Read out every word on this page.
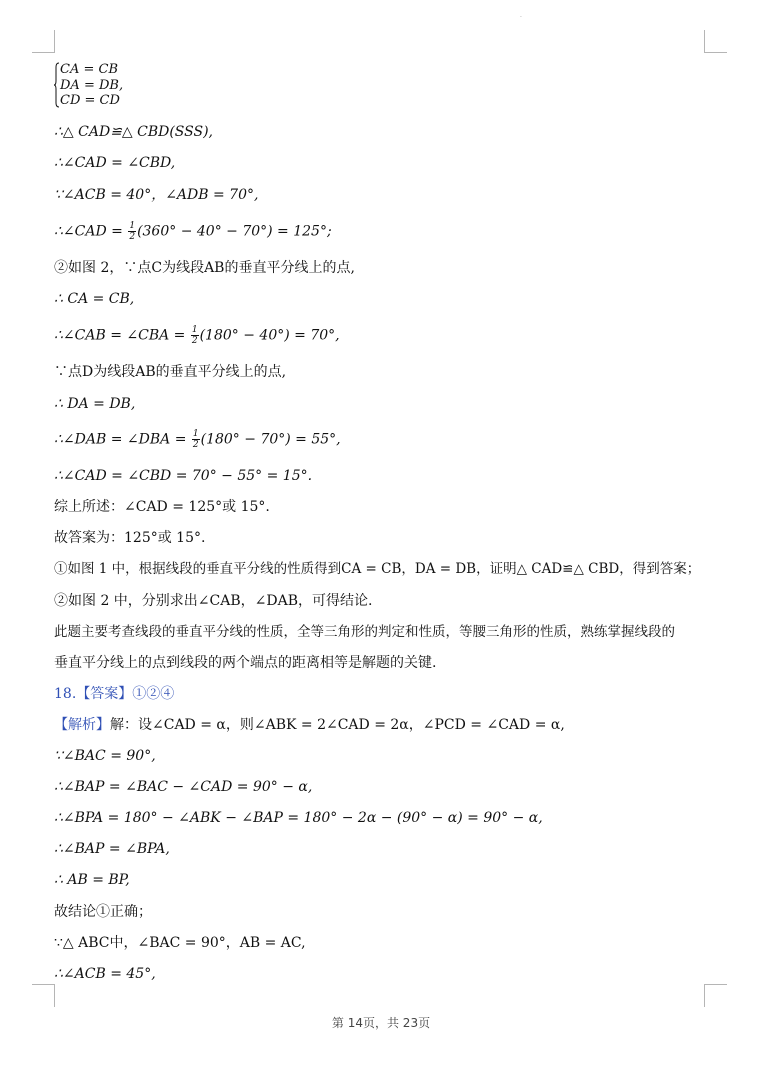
·
CA = CB
DA = DB,
CD = CD
∴△ CAD≌△ CBD(SSS),
∴∠CAD = ∠CBD,
∵∠ACB = 40°，∠ADB = 70°,
∴∠CAD = $\frac{1}{2} (360^\circ - 40^\circ - 70^\circ) = 125^\circ$;
②如图 2，∵点C为线段AB的垂直平分线上的点,
∴ CA = CB,
∴∠CAB = ∠CBA = $\frac{1}{2} (180^\circ - 40^\circ) = 70^\circ$,
∵点D为线段AB的垂直平分线上的点,
∴ DA = DB,
∴∠DAB = ∠DBA = $\frac{1}{2} (180^\circ - 70^\circ) = 55^\circ$,
∴∠CAD = ∠CBD = 70° − 55° = 15°.
综上所述：∠CAD = 125°或 15°.
故答案为：125°或 15°.
①如图 1 中，根据线段的垂直平分线的性质得到CA = CB，DA = DB，证明△ CAD≌△ CBD，得到答案；
②如图 2 中，分别求出∠CAB，∠DAB，可得结论.
此题主要考查线段的垂直平分线的性质，全等三角形的判定和性质，等腰三角形的性质，熟练掌握线段的
垂直平分线上的点到线段的两个端点的距离相等是解题的关键.
18.【答案】①②④
【解析】解：设∠CAD = α，则∠ABK = 2∠CAD = 2α，∠PCD = ∠CAD = α,
∵∠BAC = 90°,
∴∠BAP = ∠BAC − ∠CAD = 90° − α,
∴∠BPA = 180° − ∠ABK − ∠BAP = 180° − 2α − (90° − α) = 90° − α,
∴∠BAP = ∠BPA,
∴ AB = BP,
故结论①正确；
∵△ ABC中，∠BAC = 90°，AB = AC,
∴∠ACB = 45°,
第 14页，共 23页
